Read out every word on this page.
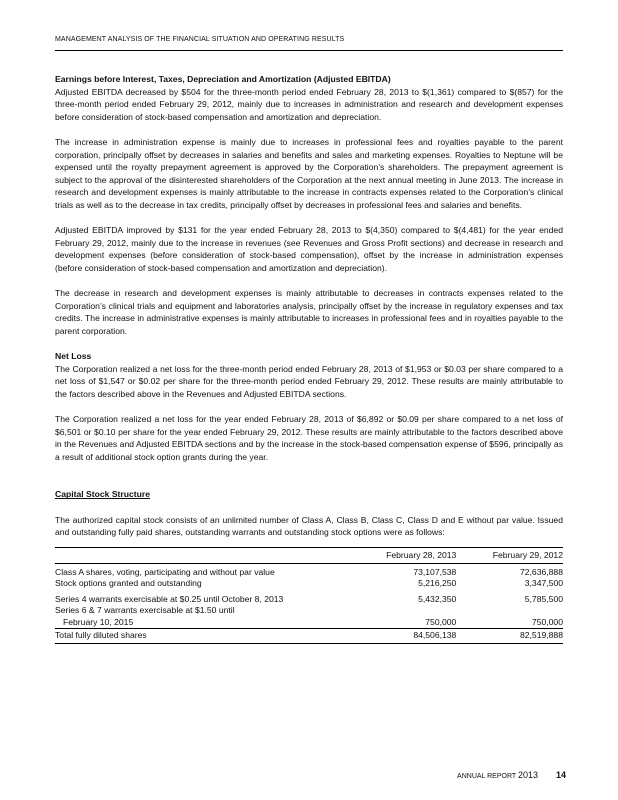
MANAGEMENT ANALYSIS OF THE FINANCIAL SITUATION AND OPERATING RESULTS
Earnings before Interest, Taxes, Depreciation and Amortization (Adjusted EBITDA)

Adjusted EBITDA decreased by $504 for the three-month period ended February 28, 2013 to $(1,361) compared to $(857) for the three-month period ended February 29, 2012, mainly due to increases in administration and research and development expenses before consideration of stock-based compensation and amortization and depreciation.

The increase in administration expense is mainly due to increases in professional fees and royalties payable to the parent corporation, principally offset by decreases in salaries and benefits and sales and marketing expenses. Royalties to Neptune will be expensed until the royalty prepayment agreement is approved by the Corporation’s shareholders. The prepayment agreement is subject to the approval of the disinterested shareholders of the Corporation at the next annual meeting in June 2013. The increase in research and development expenses is mainly attributable to the increase in contracts expenses related to the Corporation’s clinical trials as well as to the decrease in tax credits, principally offset by decreases in professional fees and salaries and benefits.

Adjusted EBITDA improved by $131 for the year ended February 28, 2013 to $(4,350) compared to $(4,481) for the year ended February 29, 2012, mainly due to the increase in revenues (see Revenues and Gross Profit sections) and decrease in research and development expenses (before consideration of stock-based compensation), offset by the increase in administration expenses (before consideration of stock-based compensation and amortization and depreciation).

The decrease in research and development expenses is mainly attributable to decreases in contracts expenses related to the Corporation’s clinical trials and equipment and laboratories analysis, principally offset by the increase in regulatory expenses and tax credits. The increase in administrative expenses is mainly attributable to increases in professional fees and in royalties payable to the parent corporation.

Net Loss

The Corporation realized a net loss for the three-month period ended February 28, 2013 of $1,953 or $0.03 per share compared to a net loss of $1,547 or $0.02 per share for the three-month period ended February 29, 2012. These results are mainly attributable to the factors described above in the Revenues and Adjusted EBITDA sections.

The Corporation realized a net loss for the year ended February 28, 2013 of $6,892 or $0.09 per share compared to a net loss of $6,501 or $0.10 per share for the year ended February 29, 2012. These results are mainly attributable to the factors described above in the Revenues and Adjusted EBITDA sections and by the increase in the stock-based compensation expense of $596, principally as a result of additional stock option grants during the year.

Capital Stock Structure

The authorized capital stock consists of an unlimited number of Class A, Class B, Class C, Class D and E without par value. Issued and outstanding fully paid shares, outstanding warrants and outstanding stock options were as follows:

	February 28, 2013	February 29, 2012
Class A shares, voting, participating and without par value	73,107,538	72,636,888
Stock options granted and outstanding	5,216,250	3,347,500
Series 4 warrants exercisable at $0.25 until October 8, 2013	5,432,350	5,785,500
Series 6 & 7 warrants exercisable at $1.50 until		
February 10, 2015	750,000	750,000
Total fully diluted shares	84,506,138	82,519,888
ANNUAL REPORT 2013 14
